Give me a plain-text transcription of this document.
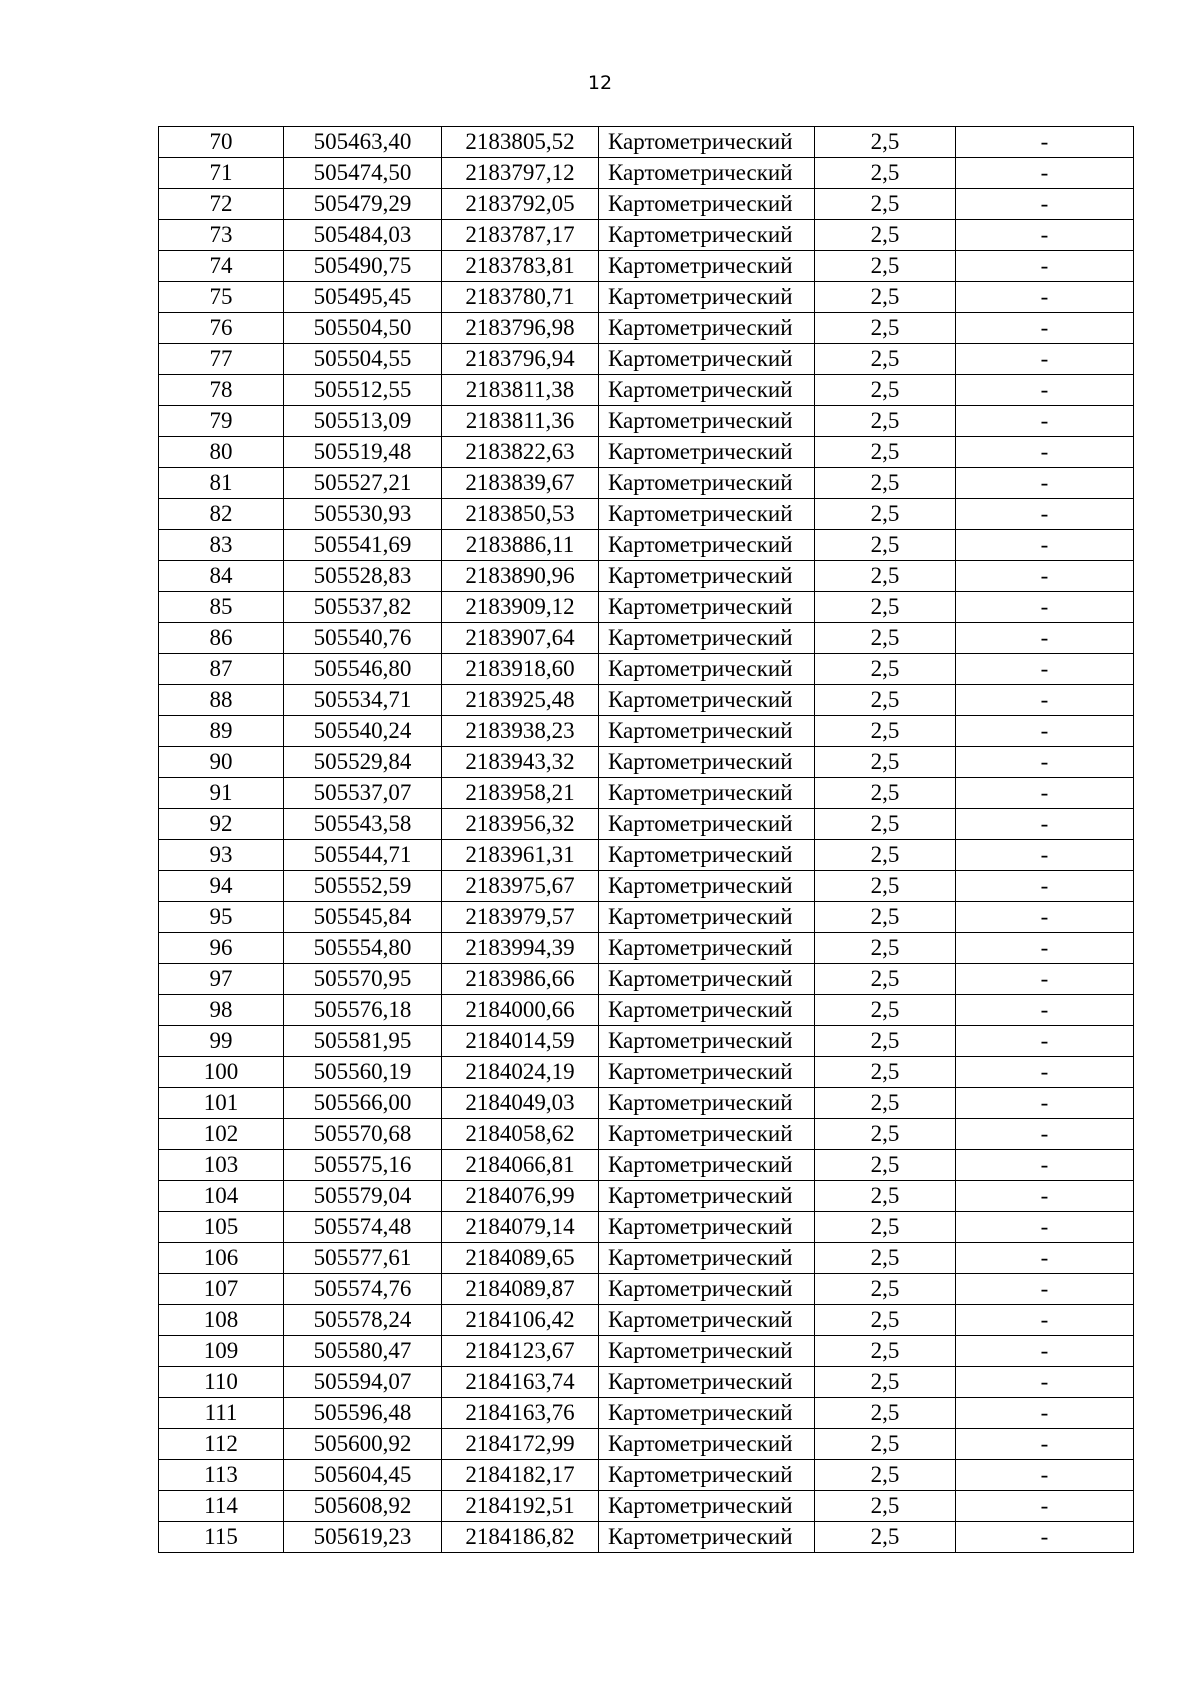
12
70	505463,40	2183805,52	Картометрический	2,5	-
71	505474,50	2183797,12	Картометрический	2,5	-
72	505479,29	2183792,05	Картометрический	2,5	-
73	505484,03	2183787,17	Картометрический	2,5	-
74	505490,75	2183783,81	Картометрический	2,5	-
75	505495,45	2183780,71	Картометрический	2,5	-
76	505504,50	2183796,98	Картометрический	2,5	-
77	505504,55	2183796,94	Картометрический	2,5	-
78	505512,55	2183811,38	Картометрический	2,5	-
79	505513,09	2183811,36	Картометрический	2,5	-
80	505519,48	2183822,63	Картометрический	2,5	-
81	505527,21	2183839,67	Картометрический	2,5	-
82	505530,93	2183850,53	Картометрический	2,5	-
83	505541,69	2183886,11	Картометрический	2,5	-
84	505528,83	2183890,96	Картометрический	2,5	-
85	505537,82	2183909,12	Картометрический	2,5	-
86	505540,76	2183907,64	Картометрический	2,5	-
87	505546,80	2183918,60	Картометрический	2,5	-
88	505534,71	2183925,48	Картометрический	2,5	-
89	505540,24	2183938,23	Картометрический	2,5	-
90	505529,84	2183943,32	Картометрический	2,5	-
91	505537,07	2183958,21	Картометрический	2,5	-
92	505543,58	2183956,32	Картометрический	2,5	-
93	505544,71	2183961,31	Картометрический	2,5	-
94	505552,59	2183975,67	Картометрический	2,5	-
95	505545,84	2183979,57	Картометрический	2,5	-
96	505554,80	2183994,39	Картометрический	2,5	-
97	505570,95	2183986,66	Картометрический	2,5	-
98	505576,18	2184000,66	Картометрический	2,5	-
99	505581,95	2184014,59	Картометрический	2,5	-
100	505560,19	2184024,19	Картометрический	2,5	-
101	505566,00	2184049,03	Картометрический	2,5	-
102	505570,68	2184058,62	Картометрический	2,5	-
103	505575,16	2184066,81	Картометрический	2,5	-
104	505579,04	2184076,99	Картометрический	2,5	-
105	505574,48	2184079,14	Картометрический	2,5	-
106	505577,61	2184089,65	Картометрический	2,5	-
107	505574,76	2184089,87	Картометрический	2,5	-
108	505578,24	2184106,42	Картометрический	2,5	-
109	505580,47	2184123,67	Картометрический	2,5	-
110	505594,07	2184163,74	Картометрический	2,5	-
111	505596,48	2184163,76	Картометрический	2,5	-
112	505600,92	2184172,99	Картометрический	2,5	-
113	505604,45	2184182,17	Картометрический	2,5	-
114	505608,92	2184192,51	Картометрический	2,5	-
115	505619,23	2184186,82	Картометрический	2,5	-
